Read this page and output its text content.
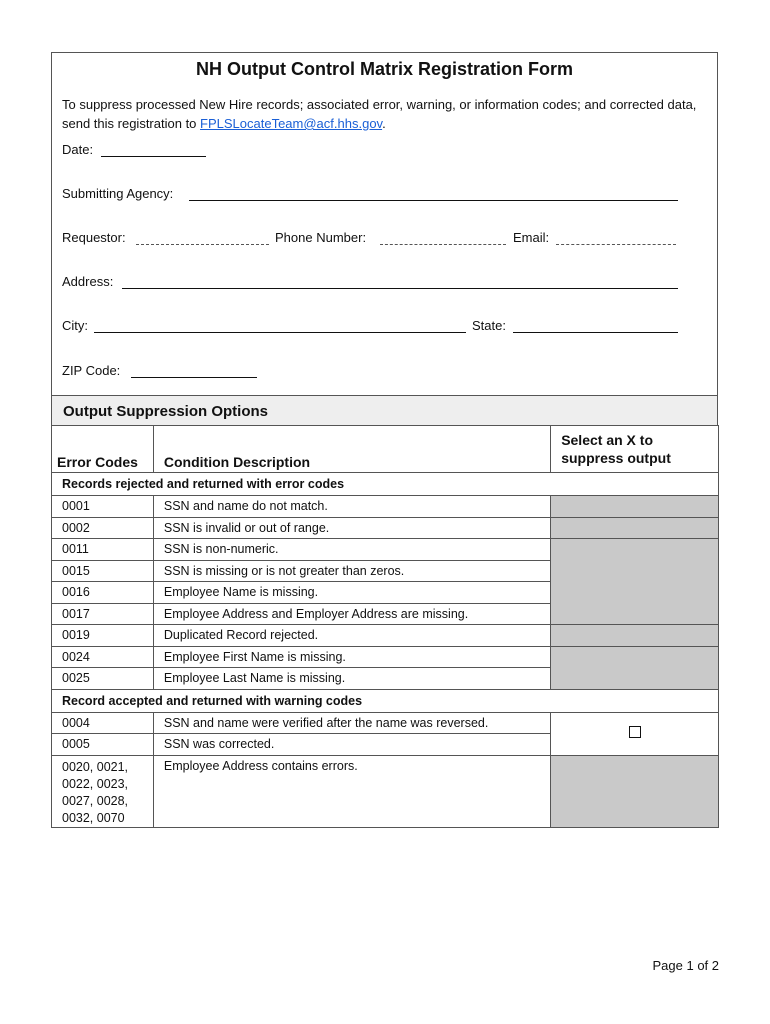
NH Output Control Matrix Registration Form
To suppress processed New Hire records; associated error, warning, or information codes; and corrected data, send this registration to FPLSLocateTeam@acf.hhs.gov.
Date:
Submitting Agency:
Requestor:	Phone Number:	Email:
Address:
City:	State:
ZIP Code:
Output Suppression Options
Error Codes	Condition Description	Select an X to suppress output
Records rejected and returned with error codes		
0001	SSN and name do not match.	
0002	SSN is invalid or out of range.	
0011	SSN is non-numeric.	
0015	SSN is missing or is not greater than zeros.	
0016	Employee Name is missing.	
0017	Employee Address and Employer Address are missing.	
0019	Duplicated Record rejected.	
0024	Employee First Name is missing.	
0025	Employee Last Name is missing.	
Record accepted and returned with warning codes		
0004	SSN and name were verified after the name was reversed.	
0005	SSN was corrected.	
0020, 0021, 0022, 0023, 0027, 0028, 0032, 0070	Employee Address contains errors.	
Page 1 of 2
